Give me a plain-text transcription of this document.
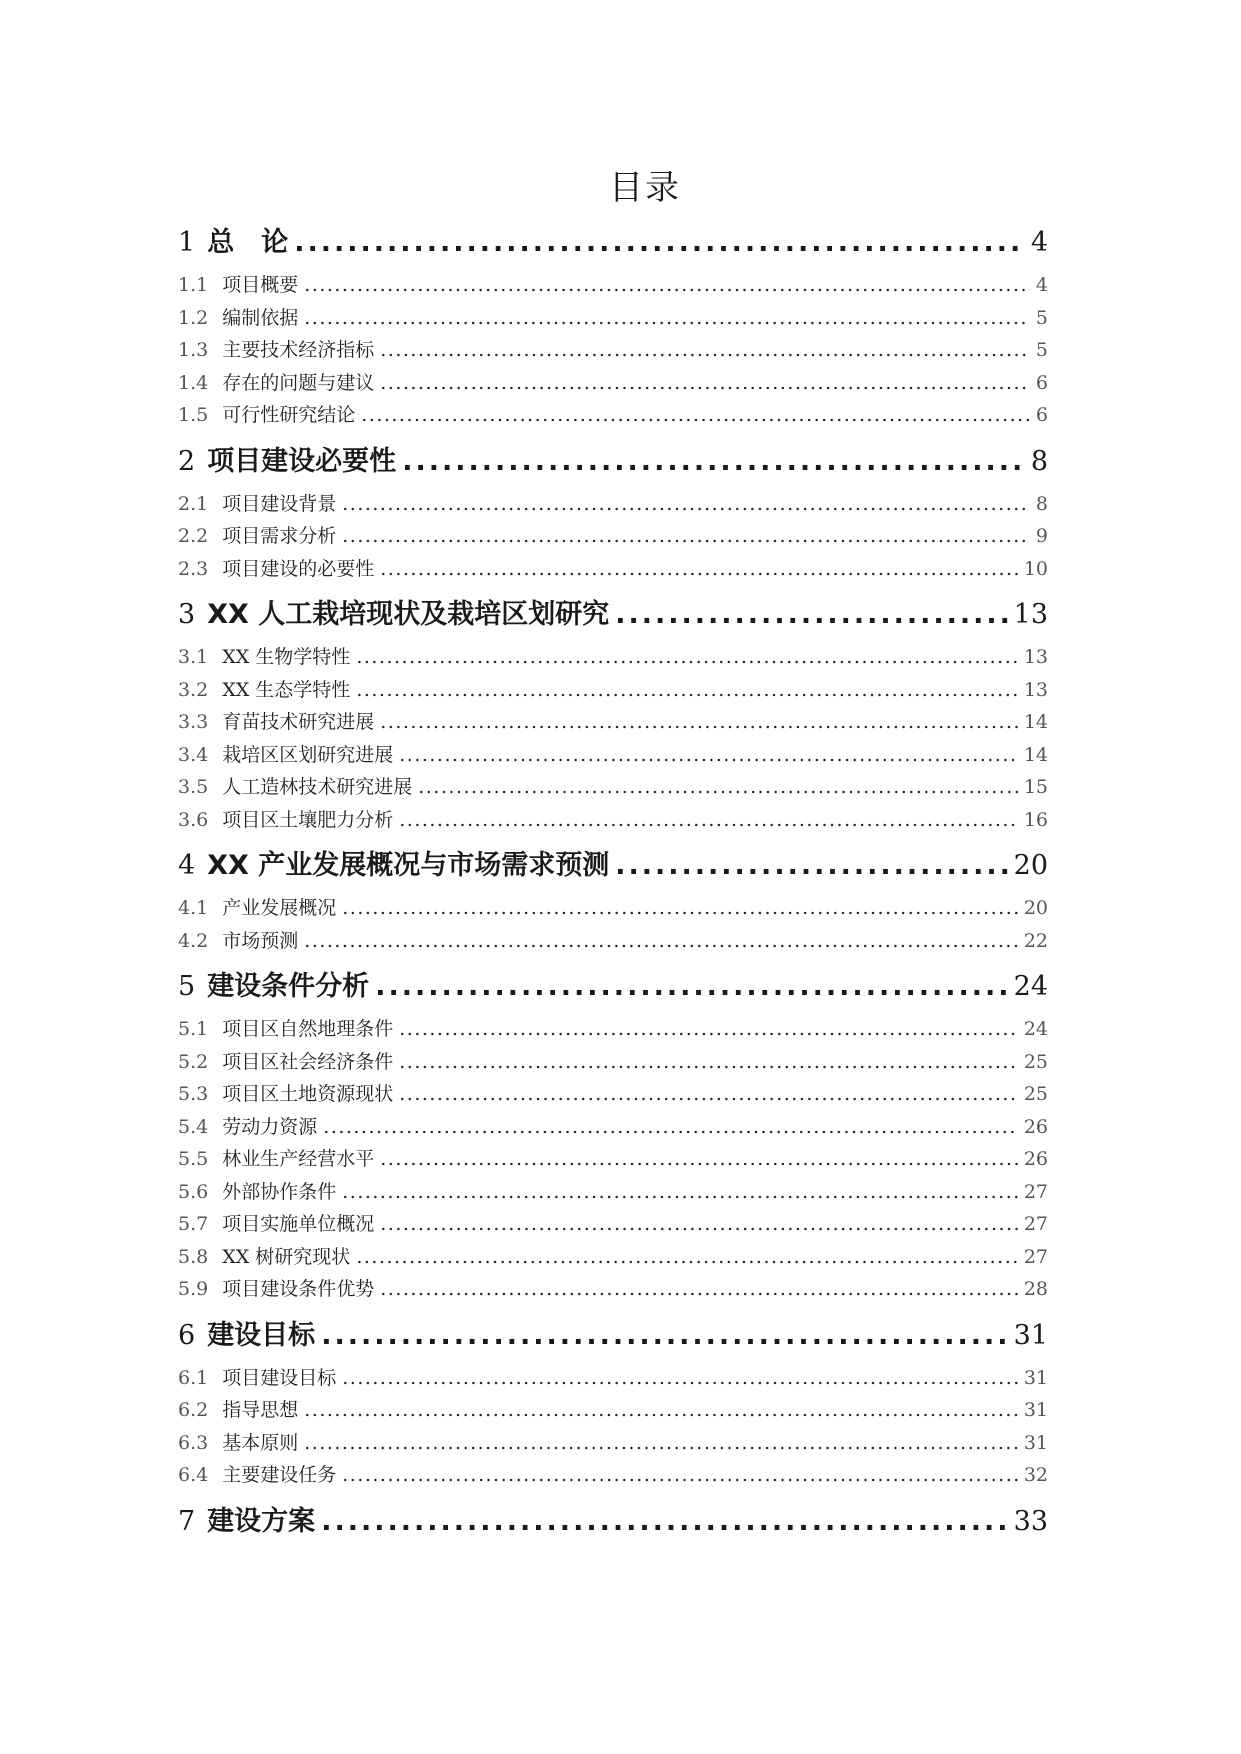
目录
1 总　论 .....	4
1.1 项目概要 .....	4
1.2 编制依据 .....	5
1.3 主要技术经济指标 .....	5
1.4 存在的问题与建议 .....	6
1.5 可行性研究结论 .....	6
2 项目建设必要性 .....	8
2.1 项目建设背景 .....	8
2.2 项目需求分析 .....	9
2.3 项目建设的必要性 .....	10
3 XX 人工栽培现状及栽培区划研究 .....	13
3.1 XX 生物学特性 .....	13
3.2 XX 生态学特性 .....	13
3.3 育苗技术研究进展 .....	14
3.4 栽培区区划研究进展 .....	14
3.5 人工造林技术研究进展 .....	15
3.6 项目区土壤肥力分析 .....	16
4 XX 产业发展概况与市场需求预测 .....	20
4.1 产业发展概况 .....	20
4.2 市场预测 .....	22
5 建设条件分析 .....	24
5.1 项目区自然地理条件 .....	24
5.2 项目区社会经济条件 .....	25
5.3 项目区土地资源现状 .....	25
5.4 劳动力资源 .....	26
5.5 林业生产经营水平 .....	26
5.6 外部协作条件 .....	27
5.7 项目实施单位概况 .....	27
5.8 XX 树研究现状 .....	27
5.9 项目建设条件优势 .....	28
6 建设目标 .....	31
6.1 项目建设目标 .....	31
6.2 指导思想 .....	31
6.3 基本原则 .....	31
6.4 主要建设任务 .....	32
7 建设方案 .....	33
